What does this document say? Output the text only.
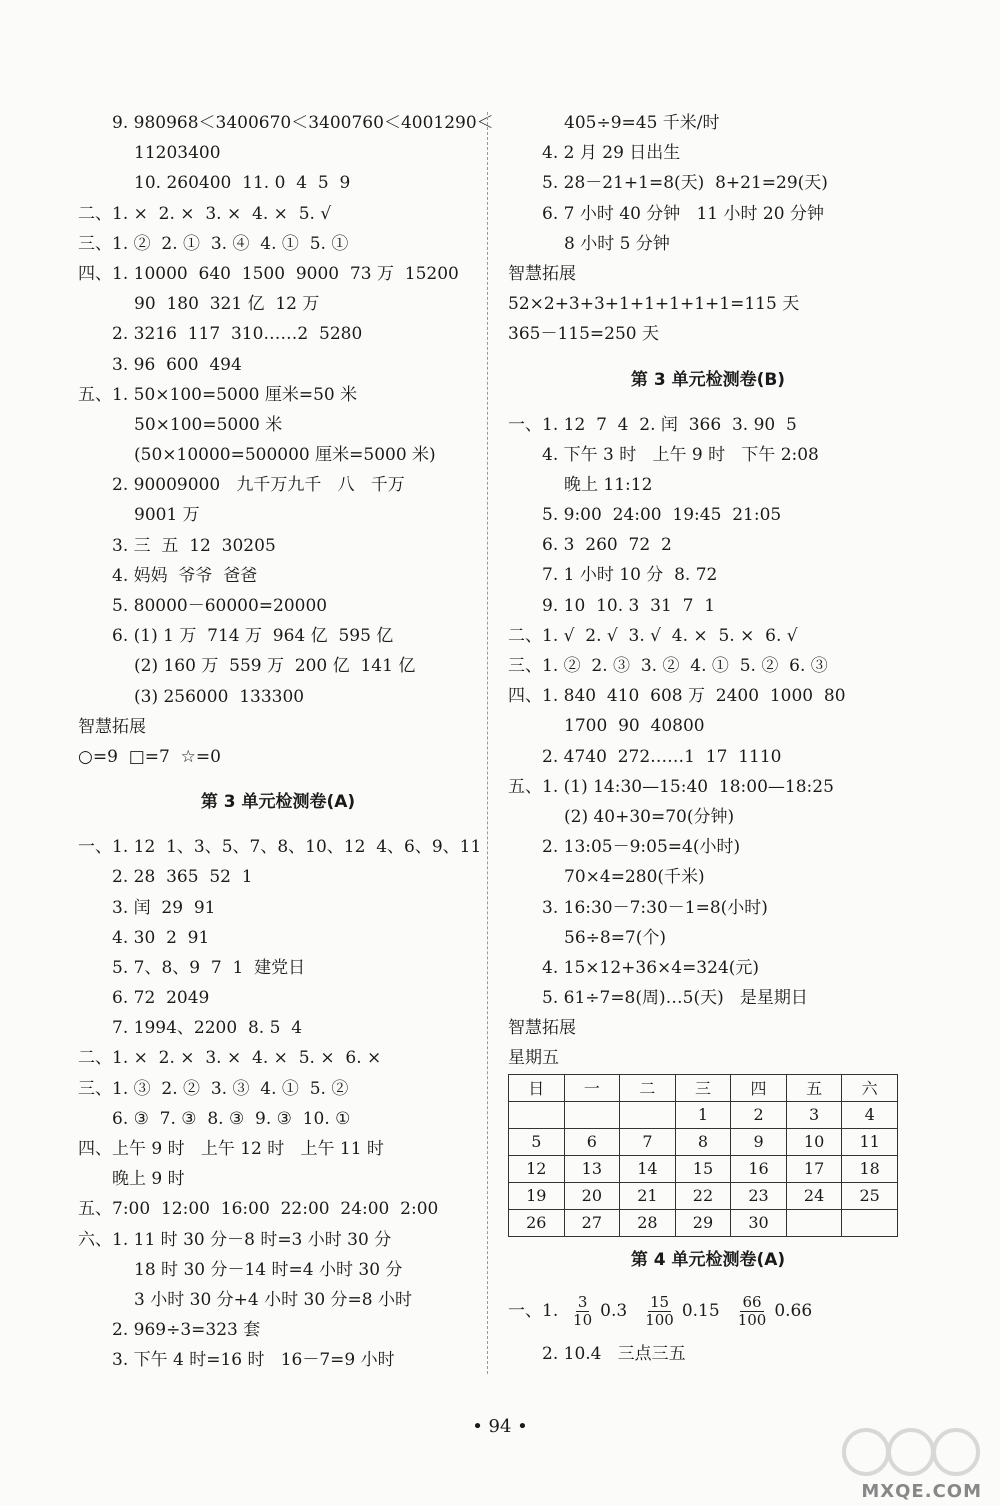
9. 980968＜3400670＜3400760＜4001290＜
11203400
10. 260400  11. 0  4  5  9
二、1. ×  2. ×  3. ×  4. ×  5. √
三、1. ②  2. ①  3. ④  4. ①  5. ①
四、1. 10000  640  1500  9000  73 万  15200
90  180  321 亿  12 万
2. 3216  117  310……2  5280
3. 96  600  494
五、1. 50×100=5000 厘米=50 米
50×100=5000 米
(50×10000=500000 厘米=5000 米)
2. 90009000   九千万九千   八   千万
9001 万
3. 三  五  12  30205
4. 妈妈  爷爷  爸爸
5. 80000－60000=20000
6. (1) 1 万  714 万  964 亿  595 亿
(2) 160 万  559 万  200 亿  141 亿
(3) 256000  133300
智慧拓展
○=9  □=7  ☆=0
第 3 单元检测卷(A)
一、1. 12  1、3、5、7、8、10、12  4、6、9、11
2. 28  365  52  1
3. 闰  29  91
4. 30  2  91
5. 7、8、9  7  1  建党日
6. 72  2049
7. 1994、2200  8. 5  4
二、1. ×  2. ×  3. ×  4. ×  5. ×  6. ×
三、1. ③  2. ②  3. ③  4. ①  5. ②
6. ③  7. ③  8. ③  9. ③  10. ①
四、上午 9 时   上午 12 时   上午 11 时
晚上 9 时
五、7:00  12:00  16:00  22:00  24:00  2:00
六、1. 11 时 30 分－8 时=3 小时 30 分
18 时 30 分－14 时=4 小时 30 分
3 小时 30 分+4 小时 30 分=8 小时
2. 969÷3=323 套
3. 下午 4 时=16 时   16－7=9 小时
405÷9=45 千米/时
4. 2 月 29 日出生
5. 28－21+1=8(天)  8+21=29(天)
6. 7 小时 40 分钟   11 小时 20 分钟
8 小时 5 分钟
智慧拓展
52×2+3+3+1+1+1+1+1=115 天
365－115=250 天
第 3 单元检测卷(B)
一、1. 12  7  4  2. 闰  366  3. 90  5
4. 下午 3 时   上午 9 时   下午 2:08
晚上 11:12
5. 9:00  24:00  19:45  21:05
6. 3  260  72  2
7. 1 小时 10 分  8. 72
9. 10  10. 3  31  7  1
二、1. √  2. √  3. √  4. ×  5. ×  6. √
三、1. ②  2. ③  3. ②  4. ①  5. ②  6. ③
四、1. 840  410  608 万  2400  1000  80
1700  90  40800
2. 4740  272……1  17  1110
五、1. (1) 14:30—15:40  18:00—18:25
(2) 40+30=70(分钟)
2. 13:05－9:05=4(小时)
70×4=280(千米)
3. 16:30－7:30－1=8(小时)
56÷8=7(个)
4. 15×12+36×4=324(元)
5. 61÷7=8(周)…5(天)   是星期日
智慧拓展
星期五
日	一	二	三	四	五	六
			1	2	3	4
5	6	7	8	9	10	11
12	13	14	15	16	17	18
19	20	21	22	23	24	25
26	27	28	29	30		
第 4 单元检测卷(A)
一、1. $\frac{3}{10} 0.3 \frac{15}{100} 0.15 \frac{66}{100} 0.66$
2. 10.4   三点三五
• 94 •
MXQE.COM
